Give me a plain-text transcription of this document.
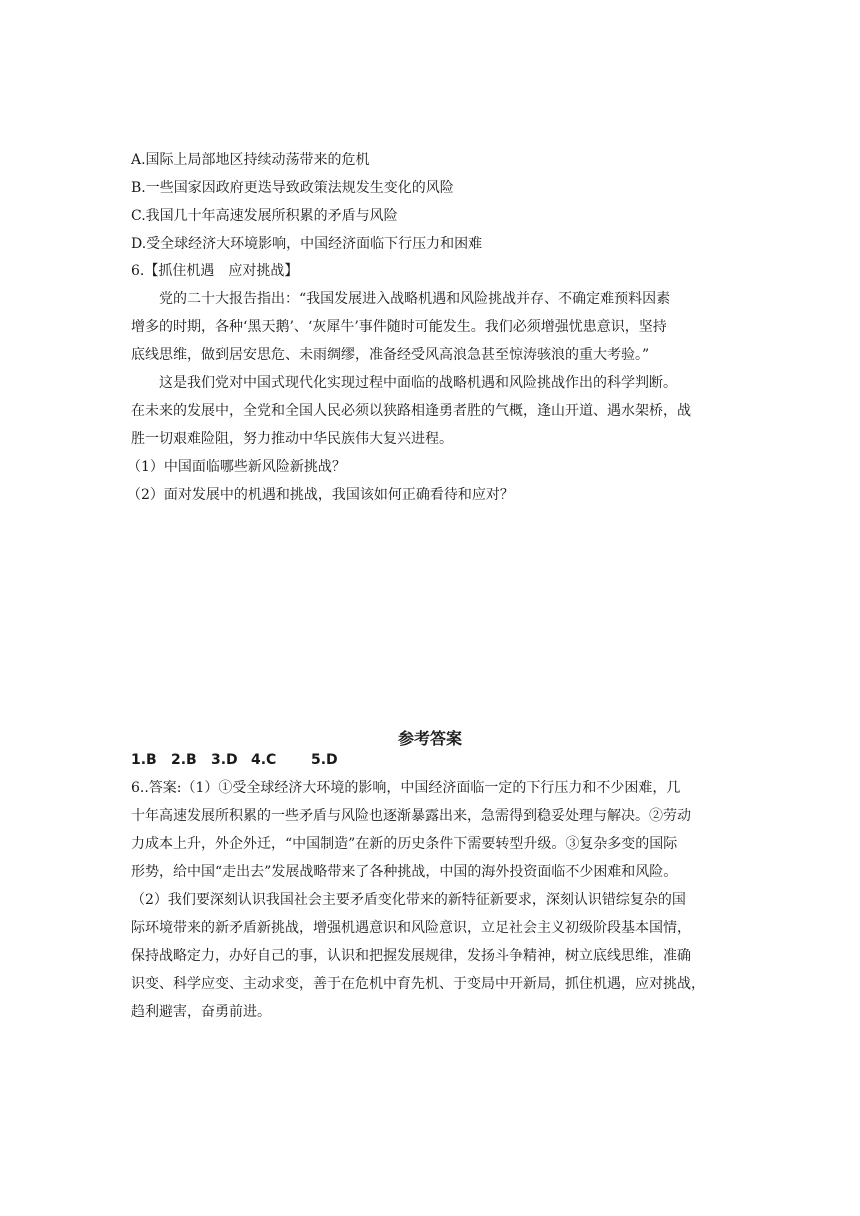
A.国际上局部地区持续动荡带来的危机
B.一些国家因政府更迭导致政策法规发生变化的风险
C.我国几十年高速发展所积累的矛盾与风险
D.受全球经济大环境影响，中国经济面临下行压力和困难
6.【抓住机遇　应对挑战】

党的二十大报告指出：“我国发展进入战略机遇和风险挑战并存、不确定难预料因素
增多的时期，各种‘黑天鹅’、‘灰犀牛’事件随时可能发生。我们必须增强忧患意识，坚持
底线思维，做到居安思危、未雨绸缪，准备经受风高浪急甚至惊涛骇浪的重大考验。”

这是我们党对中国式现代化实现过程中面临的战略机遇和风险挑战作出的科学判断。
在未来的发展中，全党和全国人民必须以狭路相逢勇者胜的气概，逢山开道、遇水架桥，战
胜一切艰难险阻，努力推动中华民族伟大复兴进程。

（1）中国面临哪些新风险新挑战？
（2）面对发展中的机遇和挑战，我国该如何正确看待和应对？
参考答案
1.B 2.B 3.D 4.C 5.D
6..答案:（1）①受全球经济大环境的影响，中国经济面临一定的下行压力和不少困难，几
十年高速发展所积累的一些矛盾与风险也逐渐暴露出来，急需得到稳妥处理与解决。②劳动
力成本上升，外企外迁，“中国制造”在新的历史条件下需要转型升级。③复杂多变的国际
形势，给中国“走出去”发展战略带来了各种挑战，中国的海外投资面临不少困难和风险。
（2）我们要深刻认识我国社会主要矛盾变化带来的新特征新要求，深刻认识错综复杂的国
际环境带来的新矛盾新挑战，增强机遇意识和风险意识，立足社会主义初级阶段基本国情，
保持战略定力，办好自己的事，认识和把握发展规律，发扬斗争精神，树立底线思维，准确
识变、科学应变、主动求变，善于在危机中育先机、于变局中开新局，抓住机遇，应对挑战，
趋利避害，奋勇前进。
